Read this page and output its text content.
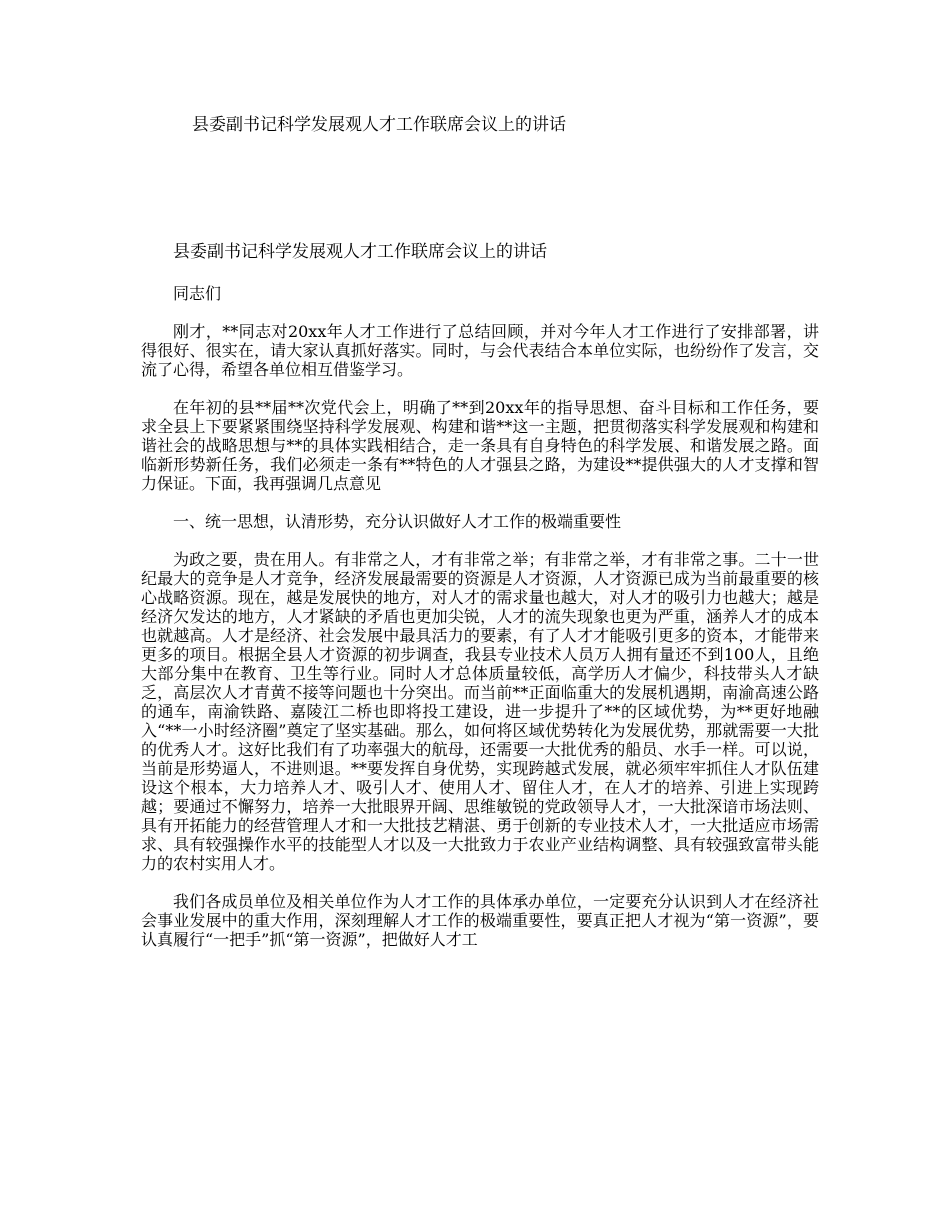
县委副书记科学发展观人才工作联席会议上的讲话
县委副书记科学发展观人才工作联席会议上的讲话
同志们

刚才，**同志对20xx年人才工作进行了总结回顾，并对今年人才工作进行了安排部署，讲得很好、很实在，请大家认真抓好落实。同时，与会代表结合本单位实际，也纷纷作了发言，交流了心得，希望各单位相互借鉴学习。

在年初的县**届**次党代会上，明确了**到20xx年的指导思想、奋斗目标和工作任务，要求全县上下要紧紧围绕坚持科学发展观、构建和谐**这一主题，把贯彻落实科学发展观和构建和谐社会的战略思想与**的具体实践相结合，走一条具有自身特色的科学发展、和谐发展之路。面临新形势新任务，我们必须走一条有**特色的人才强县之路，为建设**提供强大的人才支撑和智力保证。下面，我再强调几点意见

一、统一思想，认清形势，充分认识做好人才工作的极端重要性

为政之要，贵在用人。有非常之人，才有非常之举；有非常之举，才有非常之事。二十一世纪最大的竞争是人才竞争，经济发展最需要的资源是人才资源，人才资源已成为当前最重要的核心战略资源。现在，越是发展快的地方，对人才的需求量也越大，对人才的吸引力也越大；越是经济欠发达的地方，人才紧缺的矛盾也更加尖锐，人才的流失现象也更为严重，涵养人才的成本也就越高。人才是经济、社会发展中最具活力的要素，有了人才才能吸引更多的资本，才能带来更多的项目。根据全县人才资源的初步调查，我县专业技术人员万人拥有量还不到100人，且绝大部分集中在教育、卫生等行业。同时人才总体质量较低，高学历人才偏少，科技带头人才缺乏，高层次人才青黄不接等问题也十分突出。而当前**正面临重大的发展机遇期，南渝高速公路的通车，南渝铁路、嘉陵江二桥也即将投工建设，进一步提升了**的区域优势，为**更好地融入“**一小时经济圈”奠定了坚实基础。那么，如何将区域优势转化为发展优势，那就需要一大批的优秀人才。这好比我们有了功率强大的航母，还需要一大批优秀的船员、水手一样。可以说，当前是形势逼人，不进则退。**要发挥自身优势，实现跨越式发展，就必须牢牢抓住人才队伍建设这个根本，大力培养人才、吸引人才、使用人才、留住人才，在人才的培养、引进上实现跨越；要通过不懈努力，培养一大批眼界开阔、思维敏锐的党政领导人才，一大批深谙市场法则、具有开拓能力的经营管理人才和一大批技艺精湛、勇于创新的专业技术人才，一大批适应市场需求、具有较强操作水平的技能型人才以及一大批致力于农业产业结构调整、具有较强致富带头能力的农村实用人才。

我们各成员单位及相关单位作为人才工作的具体承办单位，一定要充分认识到人才在经济社会事业发展中的重大作用，深刻理解人才工作的极端重要性，要真正把人才视为“第一资源”，要认真履行“一把手”抓“第一资源”，把做好人才工
